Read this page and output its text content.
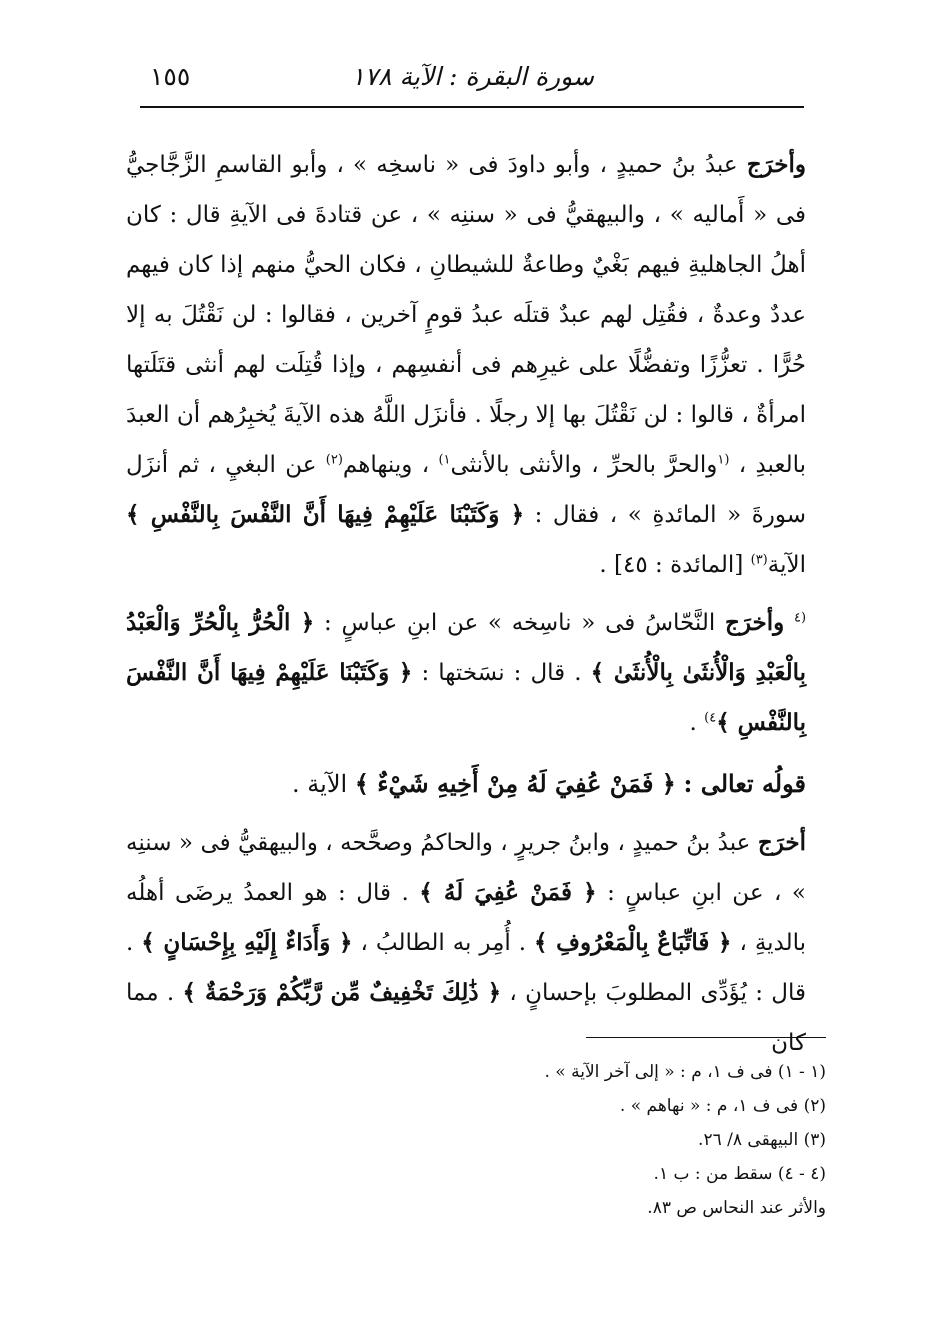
سورة البقرة : الآية ١٧٨
١٥٥

وأخرَج عبدُ بنُ حميدٍ ، وأبو داودَ فى « ناسخِه » ، وأبو القاسمِ الزَّجَّاجيُّ فى « أَماليه » ، والبيهقيُّ فى « سننِه » ، عن قتادةَ فى الآيةِ قال : كان أهلُ الجاهليةِ فيهم بَغْيٌ وطاعةٌ للشيطانِ ، فكان الحيُّ منهم إذا كان فيهم عددٌ وعدةٌ ، فقُتِل لهم عبدٌ قتلَه عبدُ قومٍ آخرين ، فقالوا : لن نَقْتُلَ به إلا حُرًّا . تعزُّزًا وتفضُّلًا على غيرِهم فى أنفسِهم ، وإذا قُتِلَت لهم أنثى قتَلَتها امرأةٌ ، قالوا : لن نَقْتُلَ بها إلا رجلًا . فأنزَل اللَّهُ هذه الآيةَ يُخبِرُهم أن العبدَ بالعبدِ ، $^{(١}$والحرَّ بالحرِّ ، والأنثى بالأنثى$^{١)}$ ، وينهاهم$^{(٢)}$ عن البغيِ ، ثم أنزَل سورةَ « المائدةِ » ، فقال : ﴿ وَكَتَبْنَا عَلَيْهِمْ فِيهَا أَنَّ النَّفْسَ بِالنَّفْسِ ﴾ الآية$^{(٣)}$ [المائدة : ٤٥] .

$^{(٤}$ وأخرَج النَّحّاسُ فى « ناسِخه » عن ابنِ عباسٍ : ﴿ الْحُرُّ بِالْحُرِّ وَالْعَبْدُ بِالْعَبْدِ وَالْأُنثَىٰ بِالْأُنثَىٰ ﴾ . قال : نسَختها : ﴿ وَكَتَبْنَا عَلَيْهِمْ فِيهَا أَنَّ النَّفْسَ بِالنَّفْسِ ﴾$^{٤)}$ .

قولُه تعالى : ﴿ فَمَنْ عُفِيَ لَهُ مِنْ أَخِيهِ شَيْءٌ ﴾ الآية .

أخرَج عبدُ بنُ حميدٍ ، وابنُ جريرٍ ، والحاكمُ وصحَّحه ، والبيهقيُّ فى « سننِه » ، عن ابنِ عباسٍ : ﴿ فَمَنْ عُفِيَ لَهُ ﴾ . قال : هو العمدُ يرضَى أهلُه بالديةِ ، ﴿ فَاتِّبَاعٌ بِالْمَعْرُوفِ ﴾ . أُمِر به الطالبُ ، ﴿ وَأَدَاءٌ إِلَيْهِ بِإِحْسَانٍ ﴾ . قال : يُؤَدِّى المطلوبَ بإحسانٍ ، ﴿ ذَٰلِكَ تَخْفِيفٌ مِّن رَّبِّكُمْ وَرَحْمَةٌ ﴾ . مما كان

(١ - ١) فى ف ١، م : « إلى آخر الآية » .

(٢) فى ف ١، م : « نهاهم » .

(٣) البيهقى ٨/ ٢٦.

(٤ - ٤) سقط من : ب ١.

والأثر عند النحاس ص ٨٣.
